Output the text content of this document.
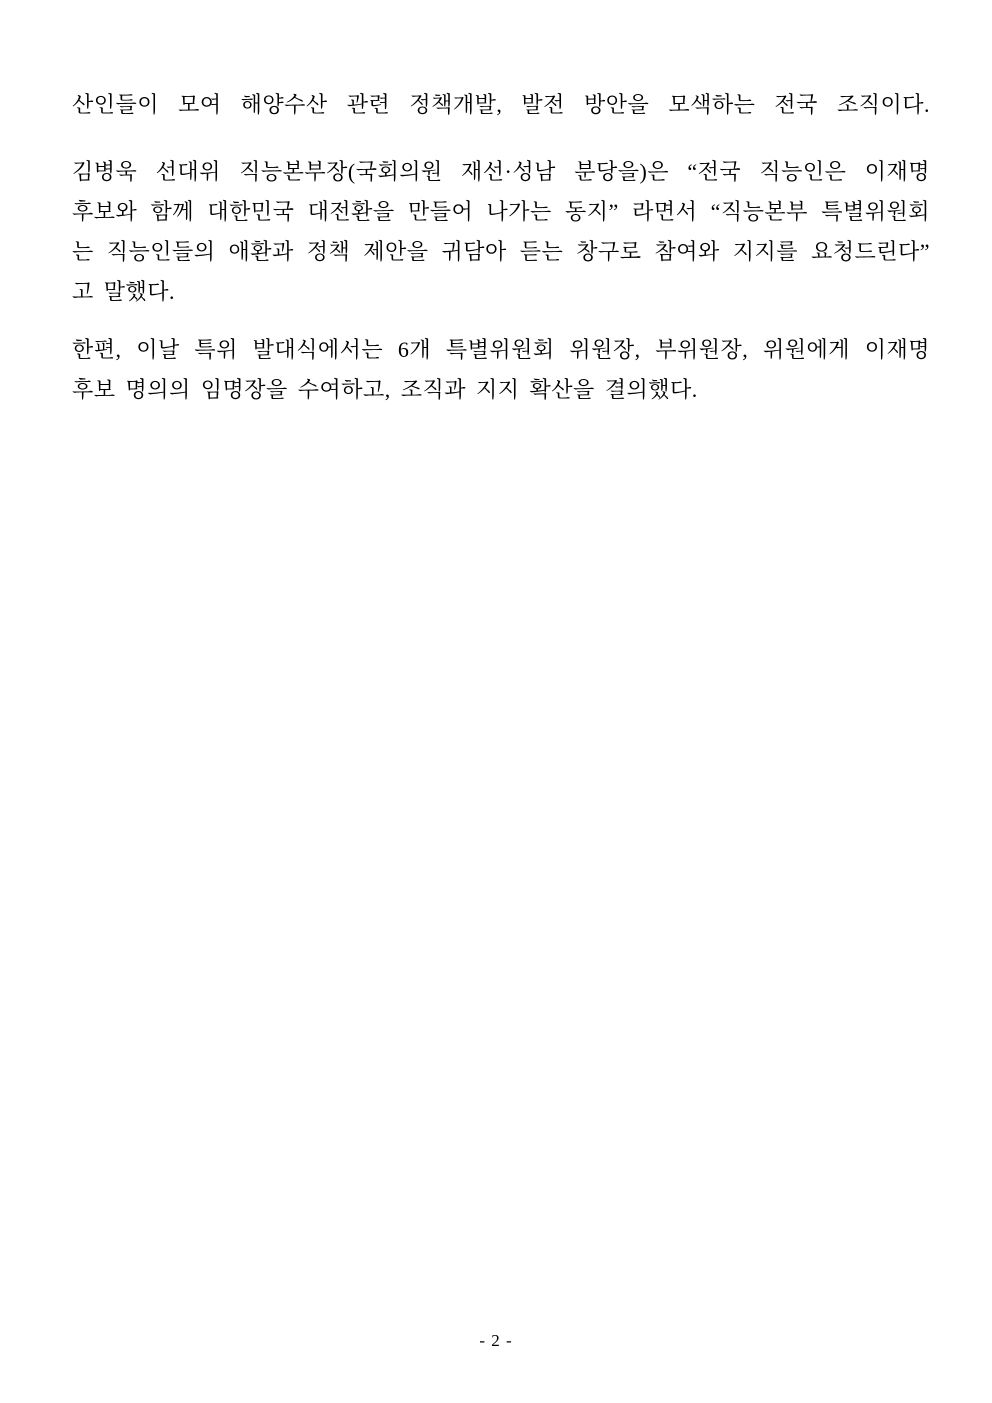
산인들이 모여 해양수산 관련 정책개발, 발전 방안을 모색하는 전국 조직이다.
김병욱 선대위 직능본부장(국회의원 재선·성남 분당을)은 “전국 직능인은 이재명
후보와 함께 대한민국 대전환을 만들어 나가는 동지” 라면서 “직능본부 특별위원회
는 직능인들의 애환과 정책 제안을 귀담아 듣는 창구로 참여와 지지를 요청드린다”
고 말했다.
한편, 이날 특위 발대식에서는 6개 특별위원회 위원장, 부위원장, 위원에게 이재명
후보 명의의 임명장을 수여하고, 조직과 지지 확산을 결의했다.
- 2 -
